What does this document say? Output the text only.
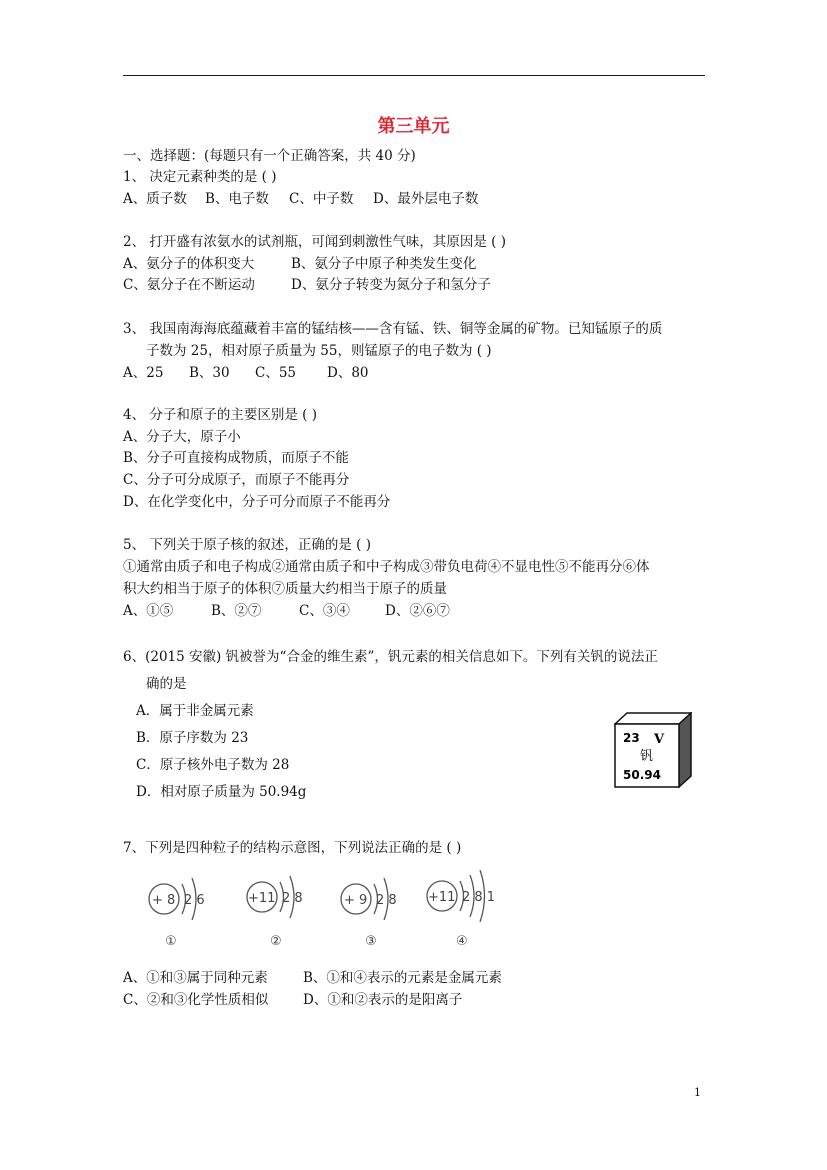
第三单元
一、选择题：(每题只有一个正确答案，共 40 分)
1、 决定元素种类的是 ( )
A、质子数 B、电子数 C、中子数 D、最外层电子数
2、 打开盛有浓氨水的试剂瓶，可闻到刺激性气味，其原因是 ( )
A、氨分子的体积变大	B、氨分子中原子种类发生变化
C、氨分子在不断运动	D、氨分子转变为氮分子和氢分子
3、 我国南海海底蕴藏着丰富的锰结核——含有锰、铁、铜等金属的矿物。已知锰原子的质
子数为 25，相对原子质量为 55，则锰原子的电子数为 ( )
A、25 B、30 C、55 D、80
4、 分子和原子的主要区别是 ( )
A、分子大，原子小
B、分子可直接构成物质，而原子不能
C、分子可分成原子，而原子不能再分
D、在化学变化中，分子可分而原子不能再分
5、 下列关于原子核的叙述，正确的是 ( )
①通常由质子和电子构成②通常由质子和中子构成③带负电荷④不显电性⑤不能再分⑥体
积大约相当于原子的体积⑦质量大约相当于原子的质量
A、①⑤	B、②⑦	C、③④	D、②⑥⑦
6、(2015 安徽) 钒被誉为“合金的维生素”，钒元素的相关信息如下。下列有关钒的说法正
确的是
A．属于非金属元素
B．原子序数为 23
C．原子核外电子数为 28
D．相对原子质量为 50.94g
23 V
钒
50.94
7、下列是四种粒子的结构示意图，下列说法正确的是 ( )
+ 8 2 6
①
+11 2 8
②
+ 9 2 8
③
+11 2 8 1
④
A、①和③属于同种元素	B、①和④表示的元素是金属元素
C、②和③化学性质相似	D、①和②表示的是阳离子
1
